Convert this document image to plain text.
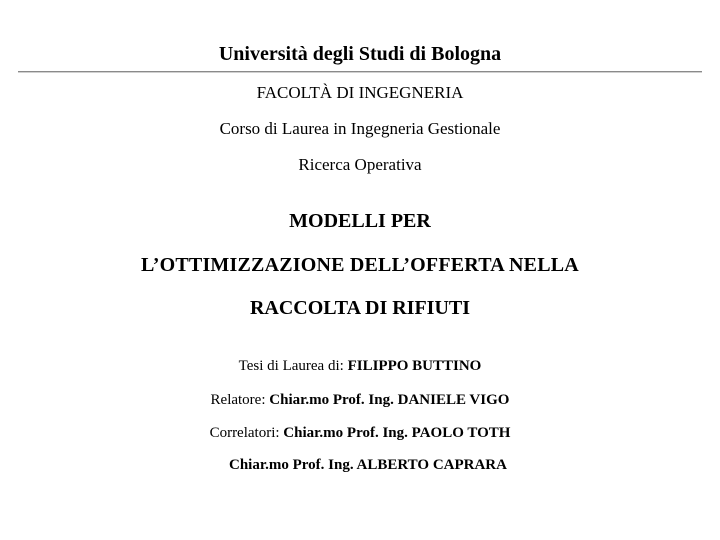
Università degli Studi di Bologna
FACOLTÀ DI INGEGNERIA
Corso di Laurea in Ingegneria Gestionale
Ricerca Operativa
MODELLI PER
L’OTTIMIZZAZIONE DELL’OFFERTA NELLA
RACCOLTA DI RIFIUTI
Tesi di Laurea di: FILIPPO BUTTINO
Relatore: Chiar.mo Prof. Ing. DANIELE VIGO
Correlatori: Chiar.mo Prof. Ing. PAOLO TOTH
Chiar.mo Prof. Ing. ALBERTO CAPRARA
